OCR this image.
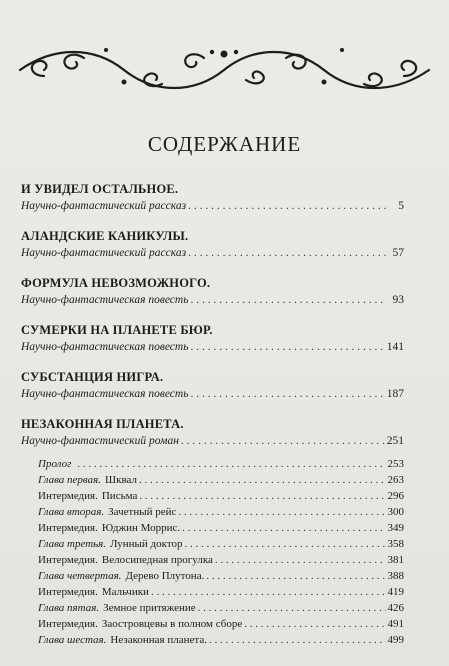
СОДЕРЖАНИЕ
И УВИДЕЛ ОСТАЛЬНОЕ.
Научно-фантастический рассказ . . .	5
АЛАНДСКИЕ КАНИКУЛЫ.
Научно-фантастический рассказ . . .	57
ФОРМУЛА НЕВОЗМОЖНОГО.
Научно-фантастическая повесть . . .	93
СУМЕРКИ НА ПЛАНЕТЕ БЮР.
Научно-фантастическая повесть . . .	141
СУБСТАНЦИЯ НИГРА.
Научно-фантастическая повесть . . .	187
НЕЗАКОННАЯ ПЛАНЕТА.
Научно-фантастический роман . . .	251
Пролог . . .	253
Глава первая. Шквал . . .	263
Интермедия. Письма . . .	296
Глава вторая. Зачетный рейс . . .	300
Интермедия. Юджин Моррис. . . .	349
Глава третья. Лунный доктор . . .	358
Интермедия. Велосипедная прогулка . . .	381
Глава четвертая. Дерево Плутона. . . .	388
Интермедия. Мальчики . . .	419
Глава пятая. Земное притяжение . . .	426
Интермедия. Заостровцевы в полном сборе . . .	491
Глава шестая. Незаконная планета. . . .	499
